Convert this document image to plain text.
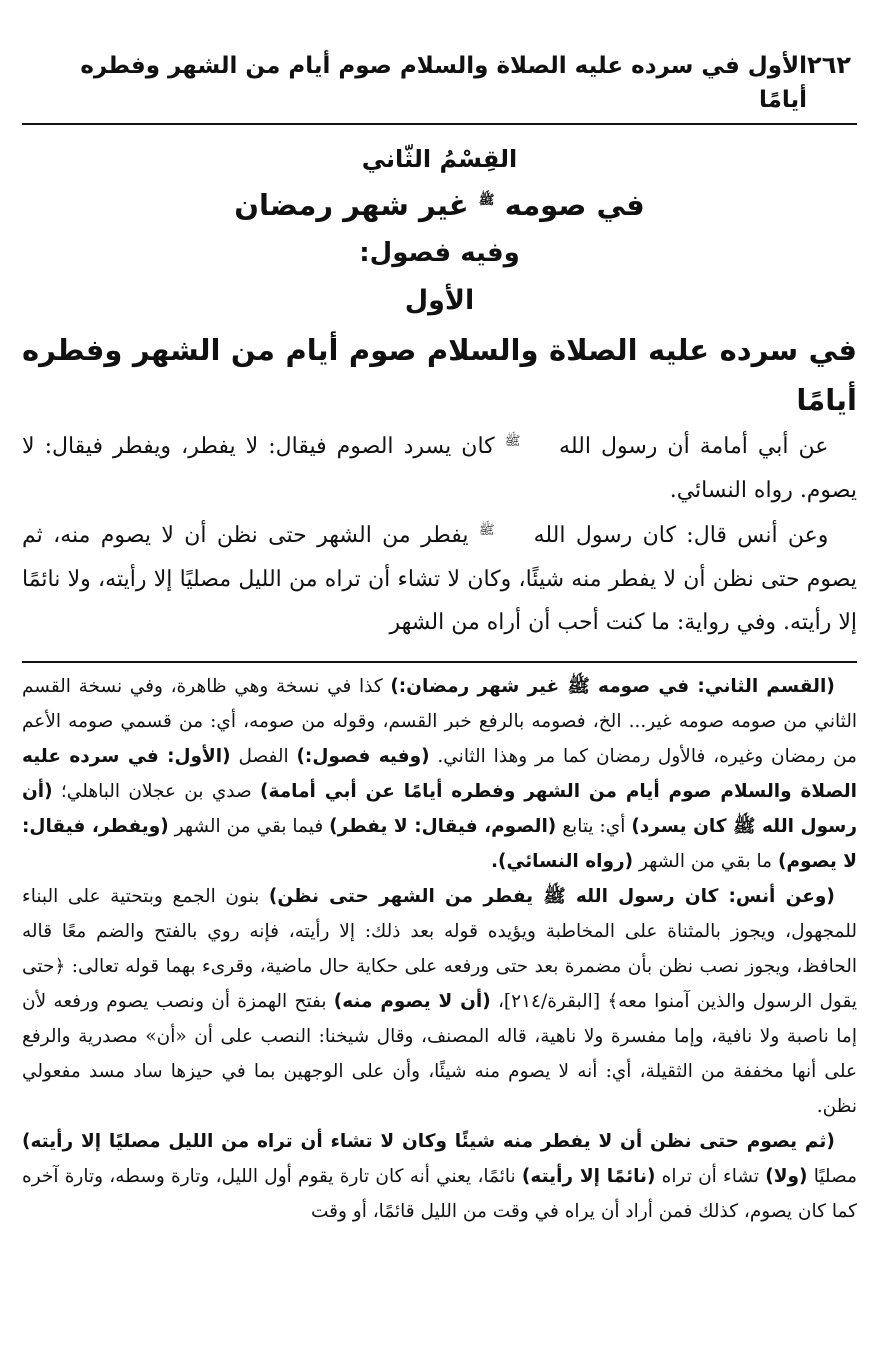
٢٦٢
الأول في سرده عليه الصلاة والسلام صوم أيام من الشهر وفطره أيامًا
القِسْمُ الثّاني
في صومه ﷺ غير شهر رمضان
وفيه فصول:
الأول
في سرده عليه الصلاة والسلام صوم أيام من الشهر وفطره أيامًا

عن أبي أمامة أن رسول الله ﷺ كان يسرد الصوم فيقال: لا يفطر، ويفطر فيقال: لا يصوم. رواه النسائي.

وعن أنس قال: كان رسول الله ﷺ يفطر من الشهر حتى نظن أن لا يصوم منه، ثم يصوم حتى نظن أن لا يفطر منه شيئًا، وكان لا تشاء أن تراه من الليل مصليًا إلا رأيته، ولا نائمًا إلا رأيته. وفي رواية: ما كنت أحب أن أراه من الشهر

(القسم الثاني: في صومه ﷺ غير شهر رمضان:) كذا في نسخة وهي ظاهرة، وفي نسخة القسم الثاني من صومه صومه غير... الخ، فصومه بالرفع خبر القسم، وقوله من صومه، أي: من قسمي صومه الأعم من رمضان وغيره، فالأول رمضان كما مر وهذا الثاني. (وفيه فصول:) الفصل (الأول: في سرده عليه الصلاة والسلام صوم أيام من الشهر وفطره أيامًا عن أبي أمامة) صدي بن عجلان الباهلي؛ (أن رسول الله ﷺ كان يسرد) أي: يتابع (الصوم، فيقال: لا يفطر) فيما بقي من الشهر (ويفطر، فيقال: لا يصوم) ما بقي من الشهر (رواه النسائي).

(وعن أنس: كان رسول الله ﷺ يفطر من الشهر حتى نظن) بنون الجمع وبتحتية على البناء للمجهول، ويجوز بالمثناة على المخاطبة ويؤيده قوله بعد ذلك: إلا رأيته، فإنه روي بالفتح والضم معًا قاله الحافظ، ويجوز نصب نظن بأن مضمرة بعد حتى ورفعه على حكاية حال ماضية، وقرىء بهما قوله تعالى: ﴿حتى يقول الرسول والذين آمنوا معه﴾ [البقرة/٢١٤]، (أن لا يصوم منه) بفتح الهمزة أن ونصب يصوم ورفعه لأن إما ناصبة ولا نافية، وإما مفسرة ولا ناهية، قاله المصنف، وقال شيخنا: النصب على أن «أن» مصدرية والرفع على أنها مخففة من الثقيلة، أي: أنه لا يصوم منه شيئًا، وأن على الوجهين بما في حيزها ساد مسد مفعولي نظن.

(ثم يصوم حتى نظن أن لا يفطر منه شيئًا وكان لا تشاء أن تراه من الليل مصليًا إلا رأيته) مصليًا (ولا) تشاء أن تراه (نائمًا إلا رأيته) نائمًا، يعني أنه كان تارة يقوم أول الليل، وتارة وسطه، وتارة آخره كما كان يصوم، كذلك فمن أراد أن يراه في وقت من الليل قائمًا، أو وقت
